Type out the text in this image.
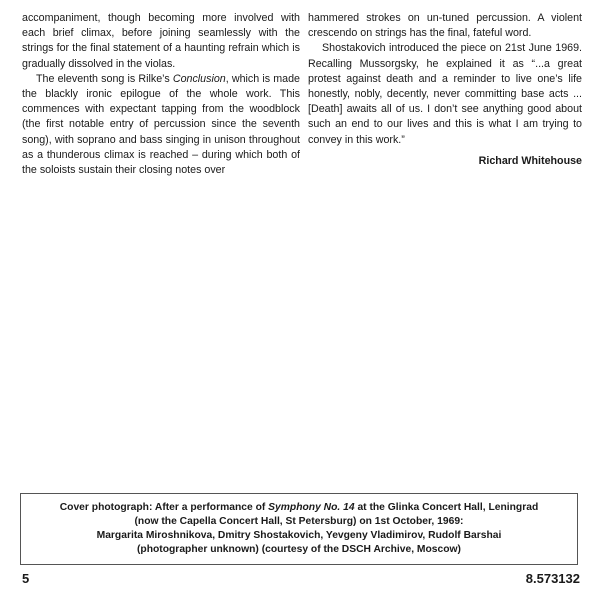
accompaniment, though becoming more involved with each brief climax, before joining seamlessly with the strings for the final statement of a haunting refrain which is gradually dissolved in the violas.

The eleventh song is Rilke’s Conclusion, which is made the blackly ironic epilogue of the whole work. This commences with expectant tapping from the woodblock (the first notable entry of percussion since the seventh song), with soprano and bass singing in unison throughout as a thunderous climax is reached – during which both of the soloists sustain their closing notes over

hammered strokes on un-tuned percussion. A violent crescendo on strings has the final, fateful word.

Shostakovich introduced the piece on 21st June 1969. Recalling Mussorgsky, he explained it as “...a great protest against death and a reminder to live one’s life honestly, nobly, decently, never committing base acts ... [Death] awaits all of us. I don’t see anything good about such an end to our lives and this is what I am trying to convey in this work.”

Richard Whitehouse

Cover photograph: After a performance of Symphony No. 14 at the Glinka Concert Hall, Leningrad

(now the Capella Concert Hall, St Petersburg) on 1st October, 1969:

Margarita Miroshnikova, Dmitry Shostakovich, Yevgeny Vladimirov, Rudolf Barshai

(photographer unknown) (courtesy of the DSCH Archive, Moscow)

5	8.573132
